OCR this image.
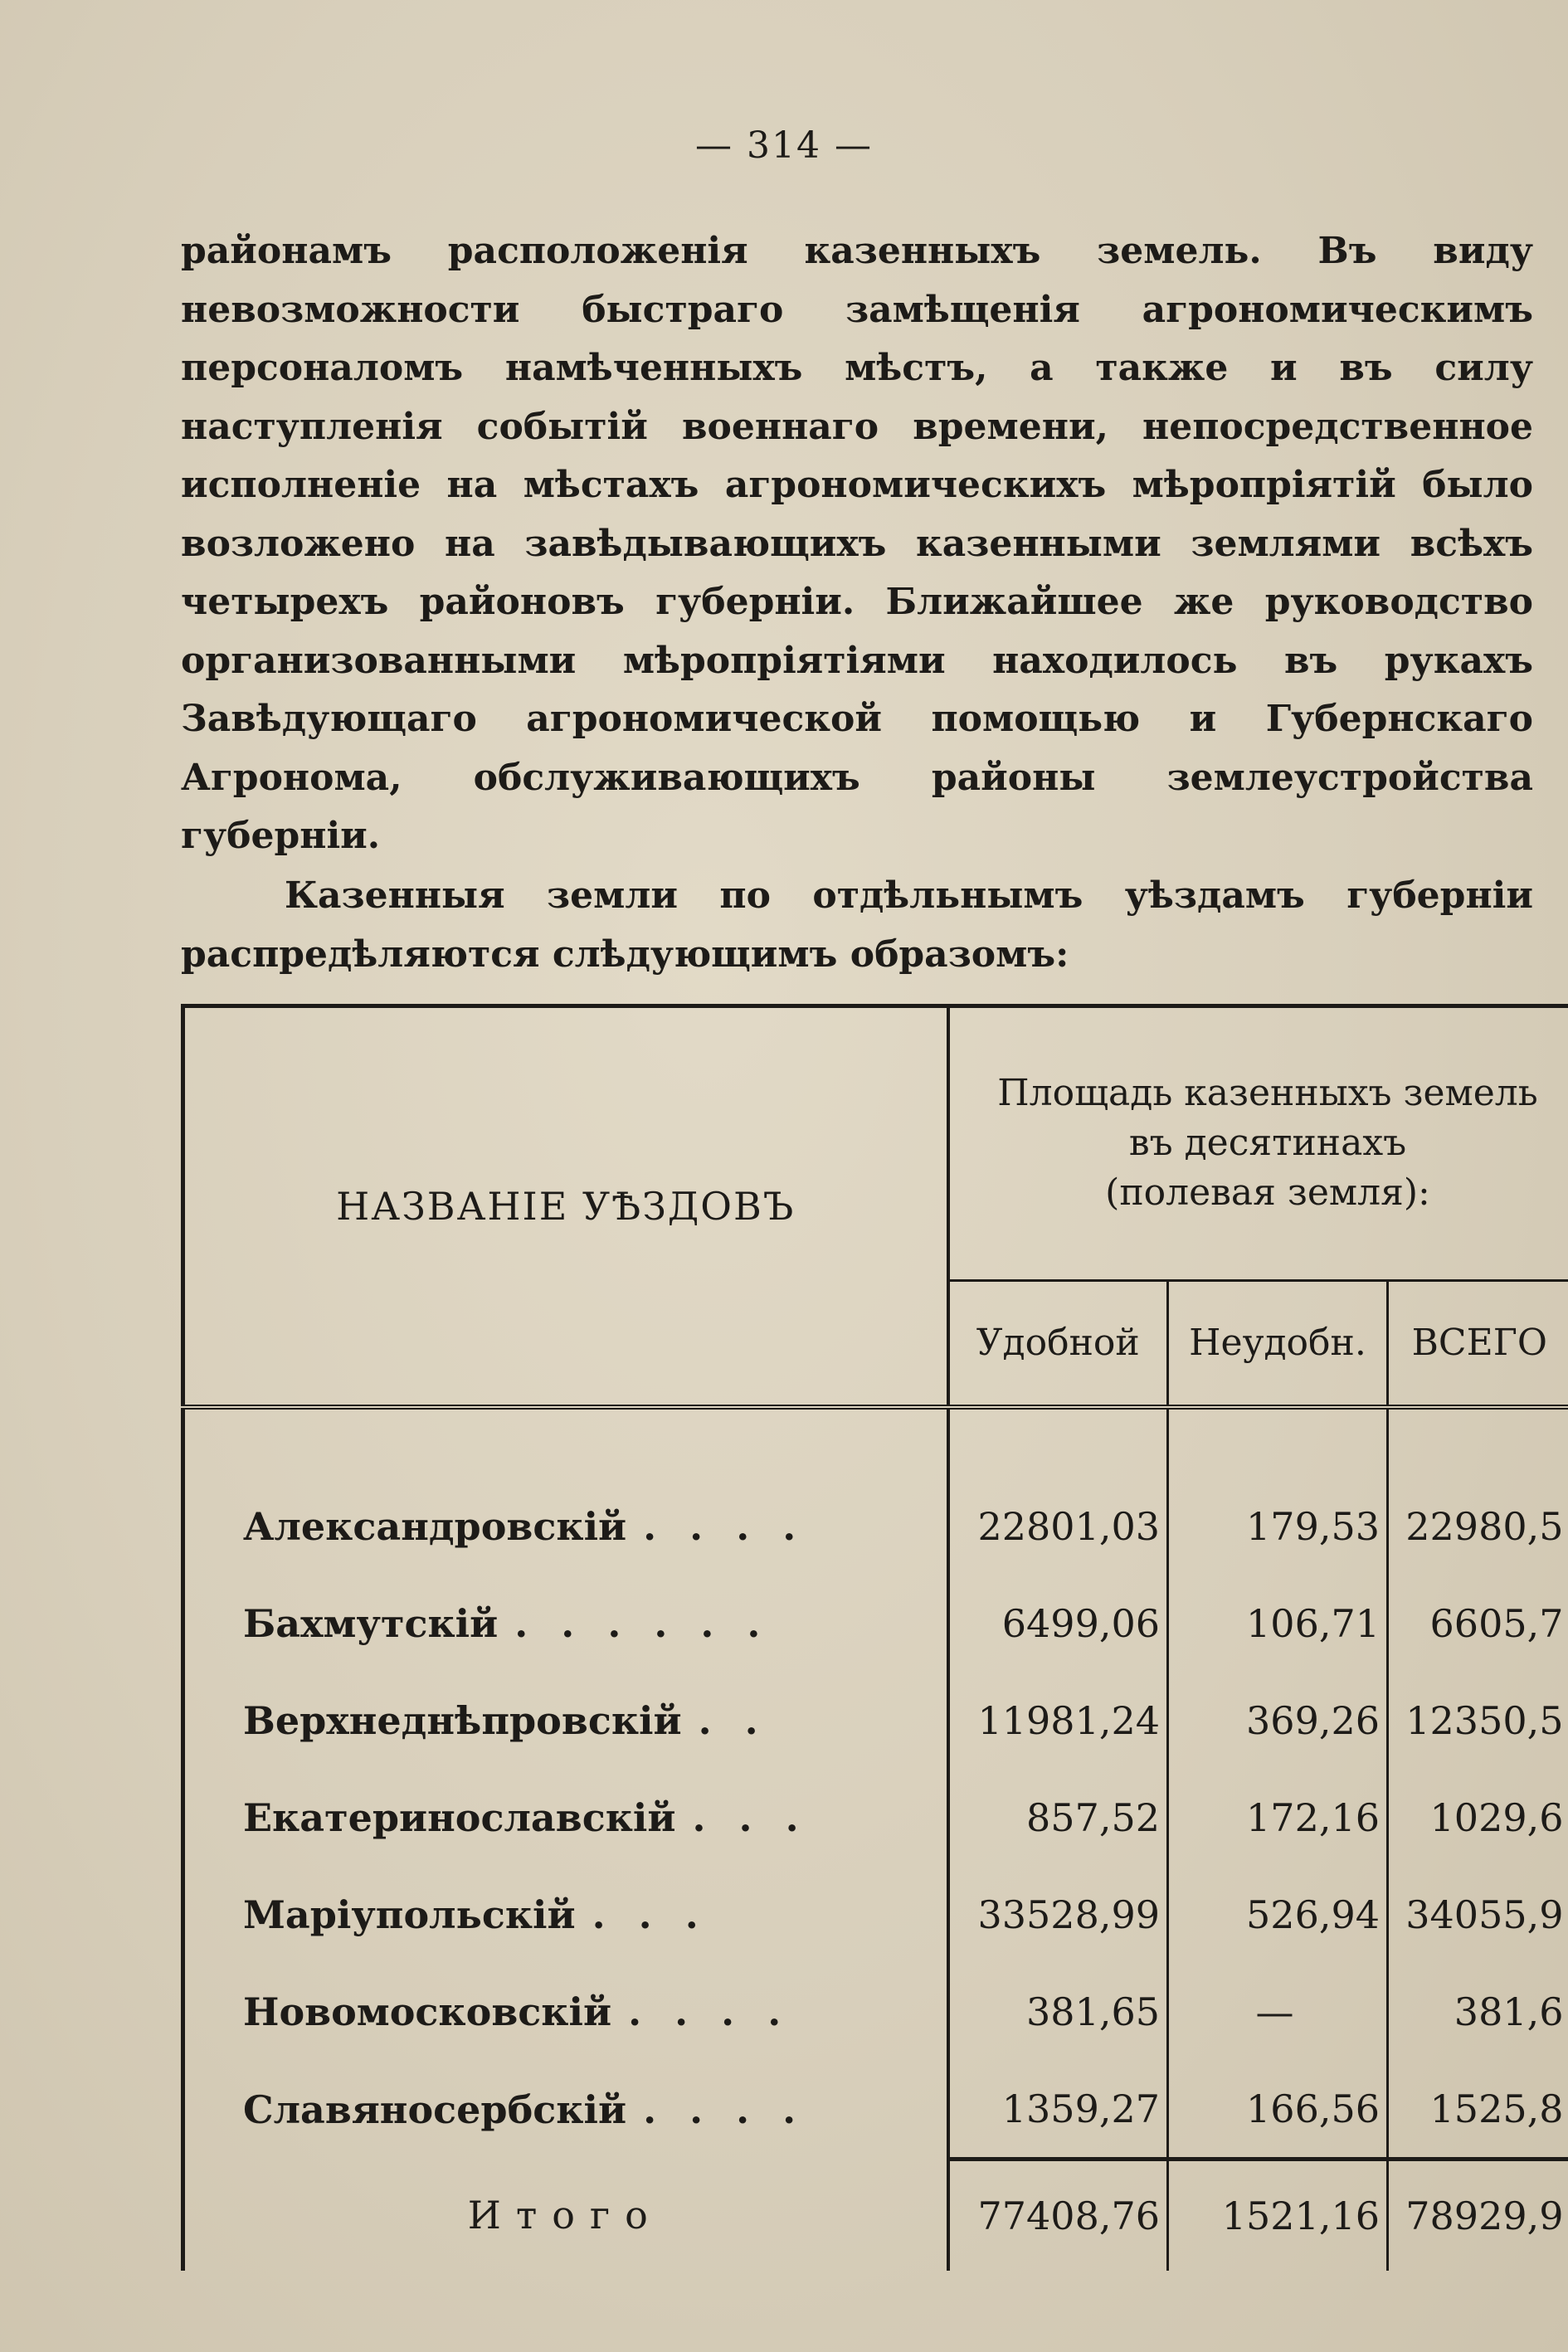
— 314 —
районамъ расположенія казенныхъ земель. Въ виду невозможности быстраго замѣщенія агрономическимъ персоналомъ намѣченныхъ мѣстъ, а также и въ силу наступленія событій военнаго времени, непосредственное исполненіе на мѣстахъ агрономическихъ мѣропріятій было возложено на завѣдывающихъ казенными землями всѣхъ четырехъ районовъ губерніи. Ближайшее же руководство организованными мѣропріятіями находилось въ рукахъ Завѣдующаго агрономической помощью и Губернскаго Агронома, обслуживающихъ районы землеустройства губерніи.
Казенныя земли по отдѣльнымъ уѣздамъ губерніи распредѣляются слѣдующимъ образомъ:
НАЗВАНІЕ УѢЗДОВЪ	Площадь казенныхъ земель
въ десятинахъ
(полевая земля):		

	Удобной	Неудобн.	ВСЕГО

Александровскій . . . .	22801,03	179,53	22980,5
Бахмутскій . . . . . .	6499,06	106,71	6605,7
Верхнеднѣпровскій . .	11981,24	369,26	12350,5
Екатеринославскій . . .	857,52	172,16	1029,6
Маріупольскій . . .	33528,99	526,94	34055,9
Новомосковскій . . . .	381,65	—	381,6
Славяносербскій . . . .	1359,27	166,56	1525,8
Итого	77408,76	1521,16	78929,9
